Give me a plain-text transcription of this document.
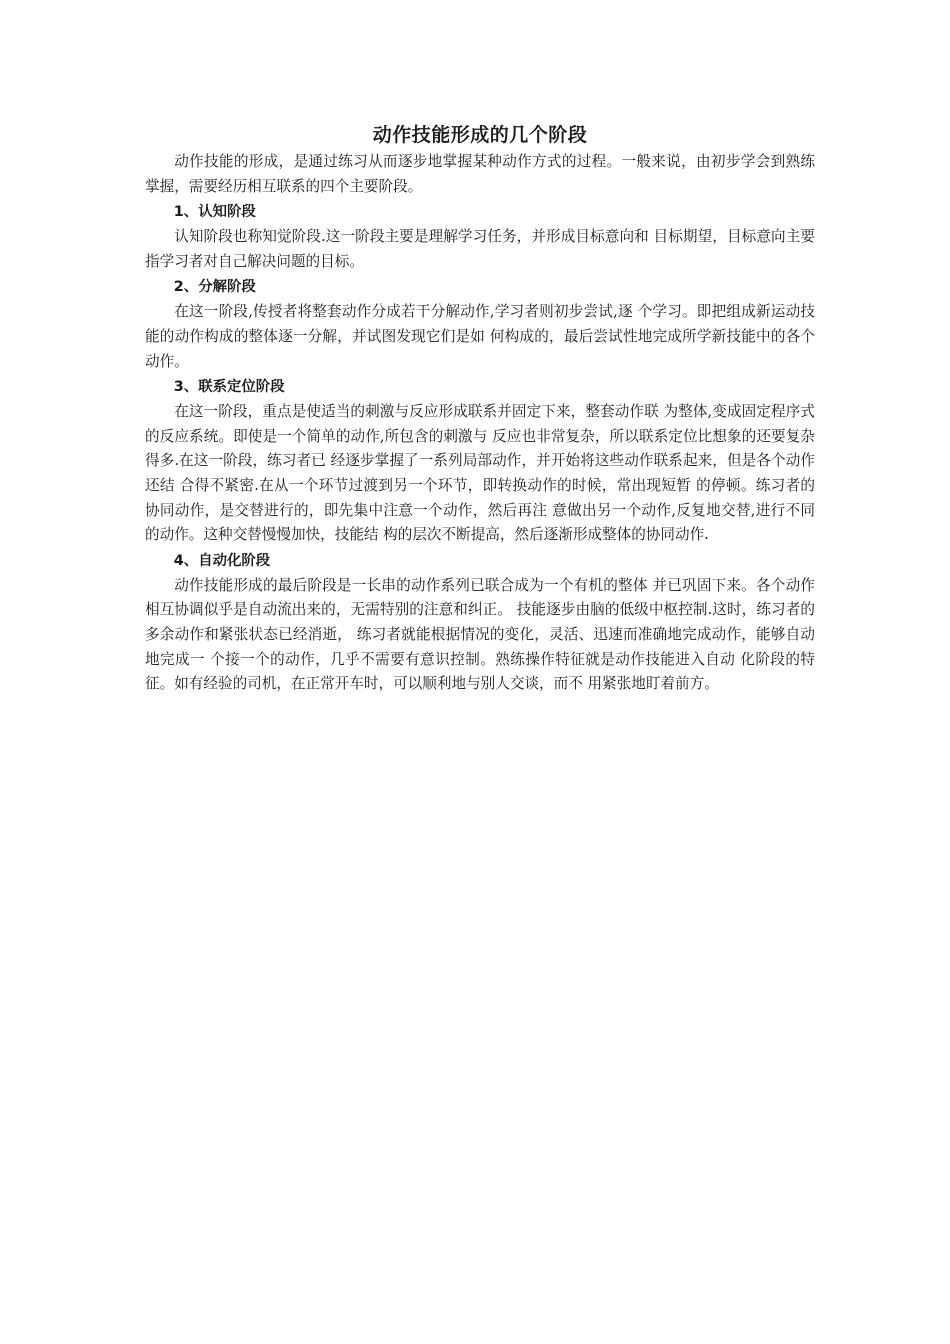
动作技能形成的几个阶段

动作技能的形成，是通过练习从而逐步地掌握某种动作方式的过程。一般来说，由初步学会到熟练掌握，需要经历相互联系的四个主要阶段。

1、认知阶段

认知阶段也称知觉阶段.这一阶段主要是理解学习任务，并形成目标意向和 目标期望，目标意向主要指学习者对自己解决问题的目标。

2、分解阶段

在这一阶段,传授者将整套动作分成若干分解动作,学习者则初步尝试,逐 个学习。即把组成新运动技能的动作构成的整体逐一分解，并试图发现它们是如 何构成的，最后尝试性地完成所学新技能中的各个动作。

3、联系定位阶段

在这一阶段，重点是使适当的刺激与反应形成联系并固定下来，整套动作联 为整体,变成固定程序式的反应系统。即使是一个简单的动作,所包含的刺激与 反应也非常复杂，所以联系定位比想象的还要复杂得多.在这一阶段，练习者已 经逐步掌握了一系列局部动作，并开始将这些动作联系起来，但是各个动作还结 合得不紧密.在从一个环节过渡到另一个环节，即转换动作的时候，常出现短暂 的停顿。练习者的协同动作，是交替进行的，即先集中注意一个动作，然后再注 意做出另一个动作,反复地交替,进行不同的动作。这种交替慢慢加快，技能结 构的层次不断提高，然后逐渐形成整体的协同动作.

4、自动化阶段

动作技能形成的最后阶段是一长串的动作系列已联合成为一个有机的整体 并已巩固下来。各个动作相互协调似乎是自动流出来的，无需特别的注意和纠正。 技能逐步由脑的低级中枢控制.这时，练习者的多余动作和紧张状态已经消逝， 练习者就能根据情况的变化，灵活、迅速而准确地完成动作，能够自动地完成一 个接一个的动作，几乎不需要有意识控制。熟练操作特征就是动作技能进入自动 化阶段的特征。如有经验的司机，在正常开车时，可以顺利地与别人交谈，而不 用紧张地盯着前方。
